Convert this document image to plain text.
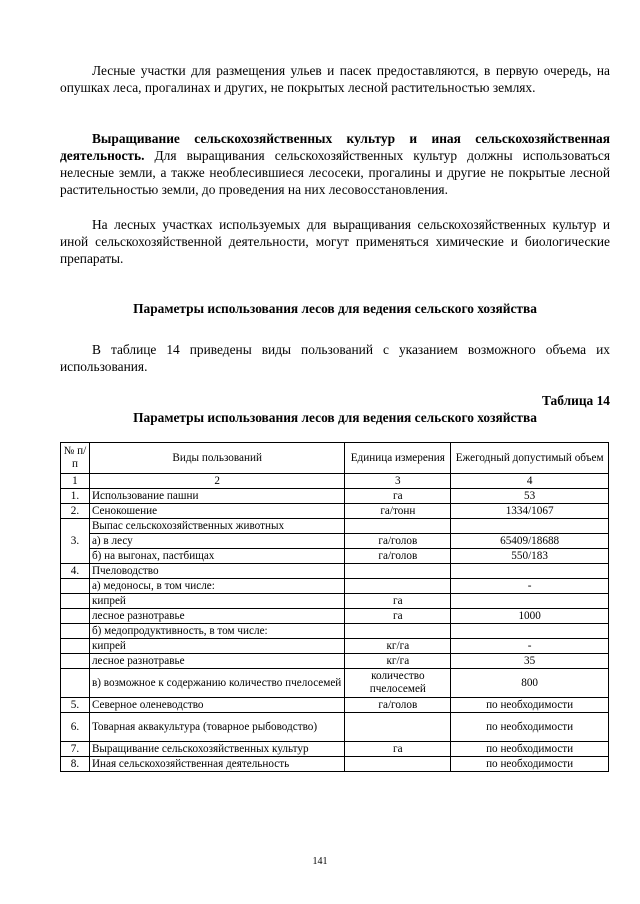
Лесные участки для размещения ульев и пасек предоставляются, в первую очередь, на опушках леса, прогалинах и других, не покрытых лесной растительностью землях.

Выращивание сельскохозяйственных культур и иная сельскохозяйственная деятельность. Для выращивания сельскохозяйственных культур должны использоваться нелесные земли, а также необлесившиеся лесосеки, прогалины и другие не покрытые лесной растительностью земли, до проведения на них лесовосстановления.

На лесных участках используемых для выращивания сельскохозяйственных культур и иной сельскохозяйственной деятельности, могут применяться химические и биологические препараты.

Параметры использования лесов для ведения сельского хозяйства

В таблице 14 приведены виды пользований с указанием возможного объема их использования.

Таблица 14

Параметры использования лесов для ведения сельского хозяйства

№ п/п	Виды пользований	Единица измерения	Ежегодный допустимый объем
1	2	3	4
1.	Использование пашни	га	53
2.	Сенокошение	га/тонн	1334/1067
3.	Выпас сельскохозяйственных животных		
	а) в лесу	га/голов	65409/18688
	б) на выгонах, пастбищах	га/голов	550/183
4.	Пчеловодство		
	а) медоносы, в том числе:		-
	кипрей	га	
	лесное разнотравье	га	1000
	б) медопродуктивность, в том числе:		
	кипрей	кг/га	-
	лесное разнотравье	кг/га	35
	в) возможное к содержанию количество пчелосемей	количество пчелосемей	800
5.	Северное оленеводство	га/голов	по необходимости
6.	Товарная аквакультура (товарное рыбоводство)		по необходимости
7.	Выращивание сельскохозяйственных культур	га	по необходимости
8.	Иная сельскохозяйственная деятельность		по необходимости
141
